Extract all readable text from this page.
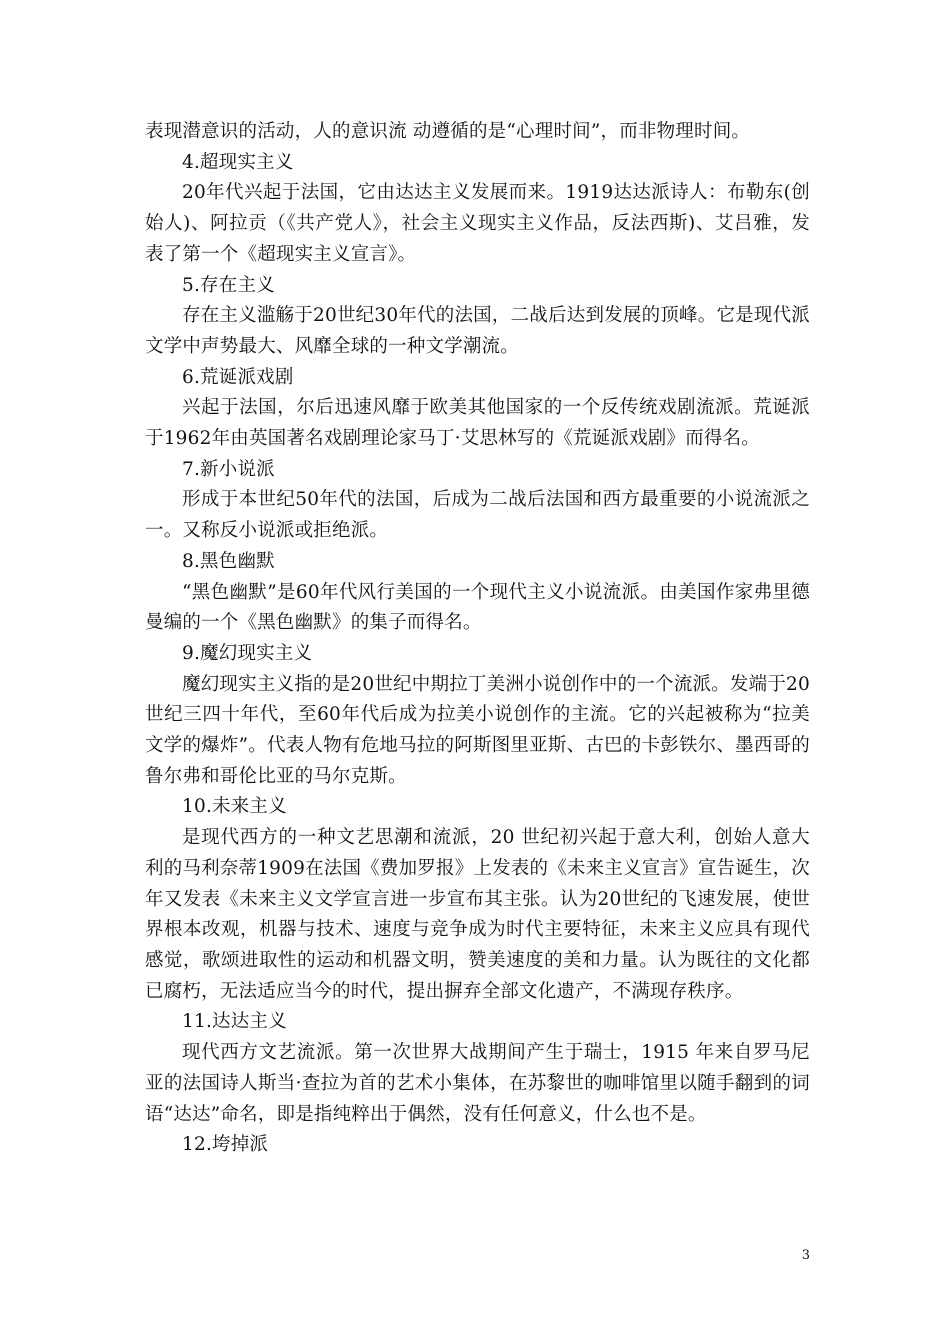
表现潜意识的活动，人的意识流 动遵循的是“心理时间”，而非物理时间。

4.超现实主义

20年代兴起于法国，它由达达主义发展而来。1919达达派诗人：布勒东(创始人)、阿拉贡（《共产党人》，社会主义现实主义作品，反法西斯)、艾吕雅，发表了第一个《超现实主义宣言》。

5.存在主义

存在主义滥觞于20世纪30年代的法国，二战后达到发展的顶峰。它是现代派文学中声势最大、风靡全球的一种文学潮流。

6.荒诞派戏剧

兴起于法国，尔后迅速风靡于欧美其他国家的一个反传统戏剧流派。荒诞派于1962年由英国著名戏剧理论家马丁·艾思林写的《荒诞派戏剧》而得名。

7.新小说派

形成于本世纪50年代的法国，后成为二战后法国和西方最重要的小说流派之一。又称反小说派或拒绝派。

8.黑色幽默

“黑色幽默”是60年代风行美国的一个现代主义小说流派。由美国作家弗里德曼编的一个《黑色幽默》的集子而得名。

9.魔幻现实主义

魔幻现实主义指的是20世纪中期拉丁美洲小说创作中的一个流派。发端于20世纪三四十年代，至60年代后成为拉美小说创作的主流。它的兴起被称为“拉美文学的爆炸”。代表人物有危地马拉的阿斯图里亚斯、古巴的卡彭铁尔、墨西哥的鲁尔弗和哥伦比亚的马尔克斯。

10.未来主义

是现代西方的一种文艺思潮和流派，20 世纪初兴起于意大利，创始人意大利的马利奈蒂1909在法国《费加罗报》上发表的《未来主义宣言》宣告诞生，次年又发表《未来主义文学宣言进一步宣布其主张。认为20世纪的飞速发展，使世界根本改观，机器与技术、速度与竞争成为时代主要特征，未来主义应具有现代感觉，歌颂进取性的运动和机器文明，赞美速度的美和力量。认为既往的文化都已腐朽，无法适应当今的时代，提出摒弃全部文化遗产，不满现存秩序。

11.达达主义

现代西方文艺流派。第一次世界大战期间产生于瑞士，1915 年来自罗马尼亚的法国诗人斯当·查拉为首的艺术小集体，在苏黎世的咖啡馆里以随手翻到的词语“达达”命名，即是指纯粹出于偶然，没有任何意义，什么也不是。

12.垮掉派

3
